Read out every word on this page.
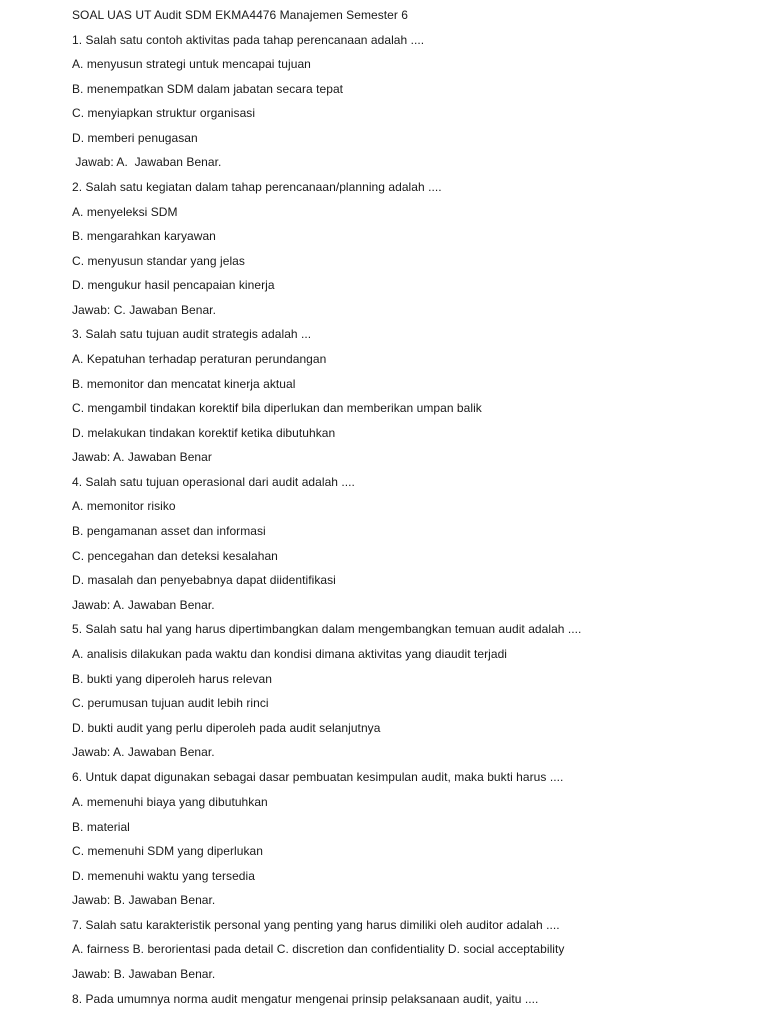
SOAL UAS UT Audit SDM EKMA4476 Manajemen Semester 6
1. Salah satu contoh aktivitas pada tahap perencanaan adalah ....
A. menyusun strategi untuk mencapai tujuan
B. menempatkan SDM dalam jabatan secara tepat
C. menyiapkan struktur organisasi
D. memberi penugasan
Jawab: A.  Jawaban Benar.
2. Salah satu kegiatan dalam tahap perencanaan/planning adalah ....
A. menyeleksi SDM
B. mengarahkan karyawan
C. menyusun standar yang jelas
D. mengukur hasil pencapaian kinerja
Jawab: C. Jawaban Benar.
3. Salah satu tujuan audit strategis adalah ...
A. Kepatuhan terhadap peraturan perundangan
B. memonitor dan mencatat kinerja aktual
C. mengambil tindakan korektif bila diperlukan dan memberikan umpan balik
D. melakukan tindakan korektif ketika dibutuhkan
Jawab: A. Jawaban Benar
4. Salah satu tujuan operasional dari audit adalah ....
A. memonitor risiko
B. pengamanan asset dan informasi
C. pencegahan dan deteksi kesalahan
D. masalah dan penyebabnya dapat diidentifikasi
Jawab: A. Jawaban Benar.
5. Salah satu hal yang harus dipertimbangkan dalam mengembangkan temuan audit adalah ....
A. analisis dilakukan pada waktu dan kondisi dimana aktivitas yang diaudit terjadi
B. bukti yang diperoleh harus relevan
C. perumusan tujuan audit lebih rinci
D. bukti audit yang perlu diperoleh pada audit selanjutnya
Jawab: A. Jawaban Benar.
6. Untuk dapat digunakan sebagai dasar pembuatan kesimpulan audit, maka bukti harus ....
A. memenuhi biaya yang dibutuhkan
B. material
C. memenuhi SDM yang diperlukan
D. memenuhi waktu yang tersedia
Jawab: B. Jawaban Benar.
7. Salah satu karakteristik personal yang penting yang harus dimiliki oleh auditor adalah ....
A. fairness B. berorientasi pada detail C. discretion dan confidentiality D. social acceptability
Jawab: B. Jawaban Benar.
8. Pada umumnya norma audit mengatur mengenai prinsip pelaksanaan audit, yaitu ....
